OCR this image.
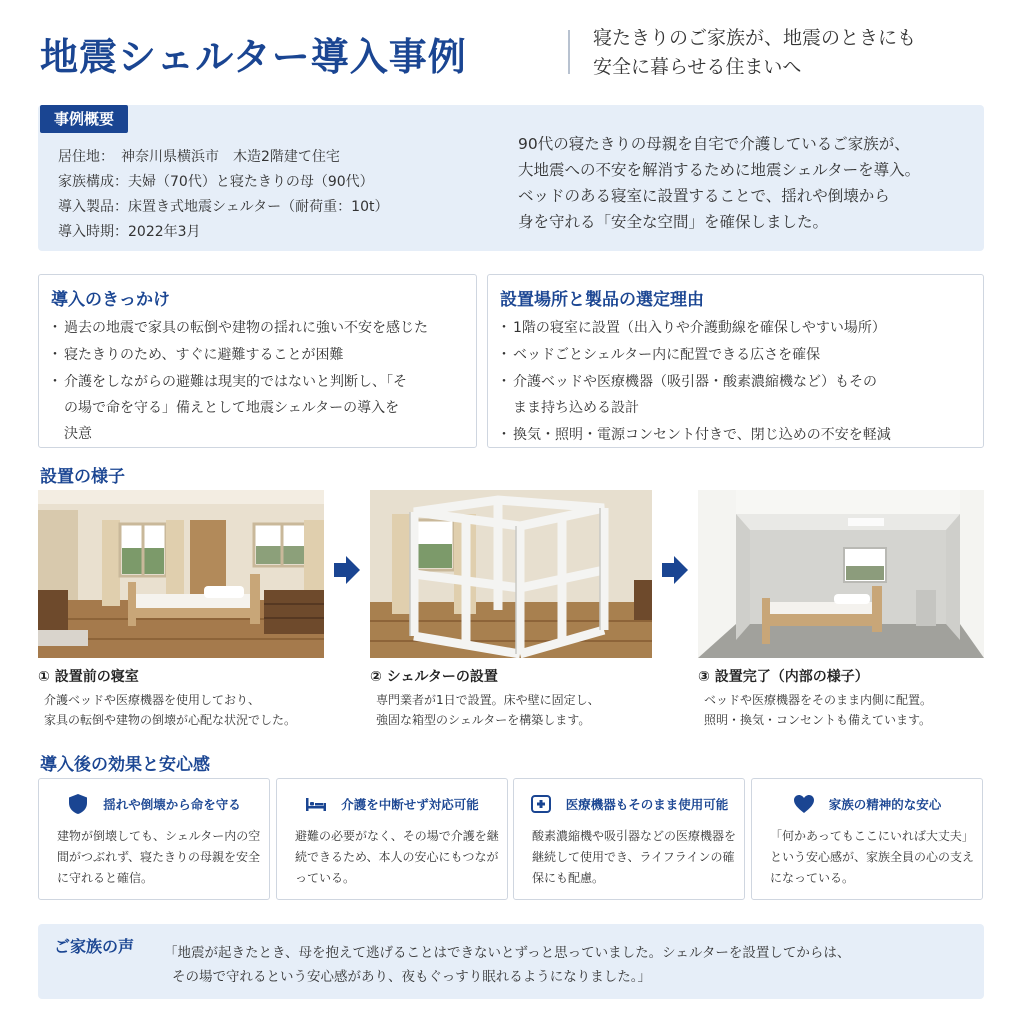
地震シェルター導入事例	寝たきりのご家族が、地震のときにも
安全に暮らせる住まいへ
事例概要
居住地：　神奈川県横浜市　木造2階建て住宅
家族構成：夫婦（70代）と寝たきりの母（90代）
導入製品：床置き式地震シェルター（耐荷重：10t）
導入時期：2022年3月
90代の寝たきりの母親を自宅で介護しているご家族が、
大地震への不安を解消するために地震シェルターを導入。
ベッドのある寝室に設置することで、揺れや倒壊から
身を守れる「安全な空間」を確保しました。
導入のきっかけ
・ 過去の地震で家具の転倒や建物の揺れに強い不安を感じた
・ 寝たきりのため、すぐに避難することが困難
・ 介護をしながらの避難は現実的ではないと判断し、「その場で命を守る」備えとして地震シェルターの導入を決意
設置場所と製品の選定理由
・ 1階の寝室に設置（出入りや介護動線を確保しやすい場所）
・ ベッドごとシェルター内に配置できる広さを確保
・ 介護ベッドや医療機器（吸引器・酸素濃縮機など）もそのまま持ち込める設計
・ 換気・照明・電源コンセント付きで、閉じ込めの不安を軽減
設置の様子
① 設置前の寝室
介護ベッドや医療機器を使用しており、
家具の転倒や建物の倒壊が心配な状況でした。
② シェルターの設置
専門業者が1日で設置。床や壁に固定し、
強固な箱型のシェルターを構築します。
③ 設置完了（内部の様子）
ベッドや医療機器をそのまま内側に配置。
照明・換気・コンセントも備えています。
導入後の効果と安心感
揺れや倒壊から命を守る
建物が倒壊しても、シェルター内の空間がつぶれず、寝たきりの母親を安全に守れると確信。
介護を中断せず対応可能
避難の必要がなく、その場で介護を継続できるため、本人の安心にもつながっている。
医療機器もそのまま使用可能
酸素濃縮機や吸引器などの医療機器を継続して使用でき、ライフラインの確保にも配慮。
家族の精神的な安心
「何かあってもここにいれば大丈夫」という安心感が、家族全員の心の支えになっている。
ご家族の声 「地震が起きたとき、母を抱えて逃げることはできないとずっと思っていました。シェルターを設置してからは、
その場で守れるという安心感があり、夜もぐっすり眠れるようになりました。」
